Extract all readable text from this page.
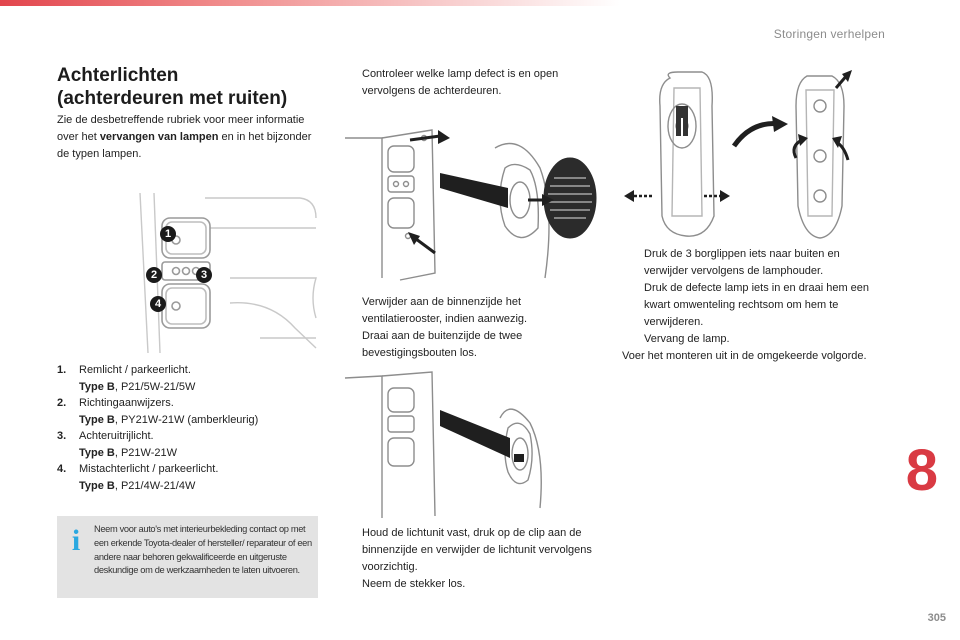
Storingen verhelpen
8
305
Achterlichten
(achterdeuren met ruiten)
Zie de desbetreffende rubriek voor meer informatie over het vervangen van lampen en in het bijzonder de typen lampen.
1
2	3
4
1.	Remlicht / parkeerlicht.
Type B, P21/5W-21/5W
2.	Richtingaanwijzers.
Type B, PY21W-21W (amberkleurig)
3.	Achteruitrijlicht.
Type B, P21W-21W
4.	Mistachterlicht / parkeerlicht.
Type B, P21/4W-21/4W
i	Neem voor auto's met interieurbekleding contact op met een erkende Toyota-dealer of hersteller/ reparateur of een andere naar behoren gekwalificeerde en uitgeruste deskundige om de werkzaamheden te laten uitvoeren.
Controleer welke lamp defect is en open vervolgens de achterdeuren.
Verwijder aan de binnenzijde het ventilatierooster, indien aanwezig.
Draai aan de buitenzijde de twee bevestigingsbouten los.
Houd de lichtunit vast, druk op de clip aan de binnenzijde en verwijder de lichtunit vervolgens voorzichtig.
Neem de stekker los.
Druk de 3 borglippen iets naar buiten en verwijder vervolgens de lamphouder.
Druk de defecte lamp iets in en draai hem een kwart omwenteling rechtsom om hem te verwijderen.
Vervang de lamp.
Voer het monteren uit in de omgekeerde volgorde.
